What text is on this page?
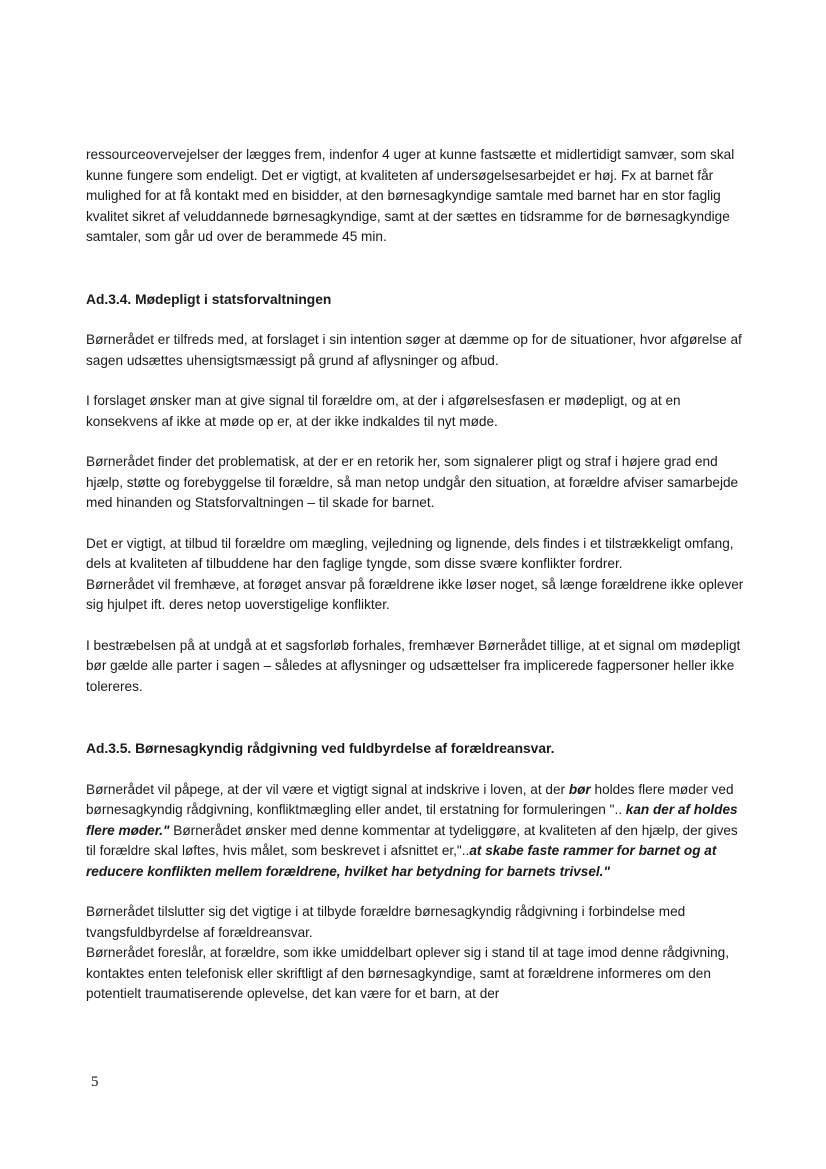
ressourceovervejelser der lægges frem, indenfor 4 uger at kunne fastsætte et midlertidigt samvær, som skal kunne fungere som endeligt. Det er vigtigt, at kvaliteten af undersøgelsesarbejdet er høj. Fx at barnet får mulighed for at få kontakt med en bisidder, at den børnesagkyndige samtale med barnet har en stor faglig kvalitet sikret af veluddannede børnesagkyndige, samt at der sættes en tidsramme for de børnesagkyndige samtaler, som går ud over de berammede 45 min.

Ad.3.4. Mødepligt i statsforvaltningen

Børnerådet er tilfreds med, at forslaget i sin intention søger at dæmme op for de situationer, hvor afgørelse af sagen udsættes uhensigtsmæssigt på grund af aflysninger og afbud.

I forslaget ønsker man at give signal til forældre om, at der i afgørelsesfasen er mødepligt, og at en konsekvens af ikke at møde op er, at der ikke indkaldes til nyt møde.

Børnerådet finder det problematisk, at der er en retorik her, som signalerer pligt og straf i højere grad end hjælp, støtte og forebyggelse til forældre, så man netop undgår den situation, at forældre afviser samarbejde med hinanden og Statsforvaltningen – til skade for barnet.

Det er vigtigt, at tilbud til forældre om mægling, vejledning og lignende, dels findes i et tilstrækkeligt omfang, dels at kvaliteten af tilbuddene har den faglige tyngde, som disse svære konflikter fordrer.

Børnerådet vil fremhæve, at forøget ansvar på forældrene ikke løser noget, så længe forældrene ikke oplever sig hjulpet ift. deres netop uoverstigelige konflikter.

I bestræbelsen på at undgå at et sagsforløb forhales, fremhæver Børnerådet tillige, at et signal om mødepligt bør gælde alle parter i sagen – således at aflysninger og udsættelser fra implicerede fagpersoner heller ikke tolereres.

Ad.3.5. Børnesagkyndig rådgivning ved fuldbyrdelse af forældreansvar.

Børnerådet vil påpege, at der vil være et vigtigt signal at indskrive i loven, at der bør holdes flere møder ved børnesagkyndig rådgivning, konfliktmægling eller andet, til erstatning for formuleringen ".. kan der af holdes flere møder." Børnerådet ønsker med denne kommentar at tydeliggøre, at kvaliteten af den hjælp, der gives til forældre skal løftes, hvis målet, som beskrevet i afsnittet er,"..at skabe faste rammer for barnet og at reducere konflikten mellem forældrene, hvilket har betydning for barnets trivsel."

Børnerådet tilslutter sig det vigtige i at tilbyde forældre børnesagkyndig rådgivning i forbindelse med tvangsfuldbyrdelse af forældreansvar.

Børnerådet foreslår, at forældre, som ikke umiddelbart oplever sig i stand til at tage imod denne rådgivning, kontaktes enten telefonisk eller skriftligt af den børnesagkyndige, samt at forældrene informeres om den potentielt traumatiserende oplevelse, det kan være for et barn, at der

5
